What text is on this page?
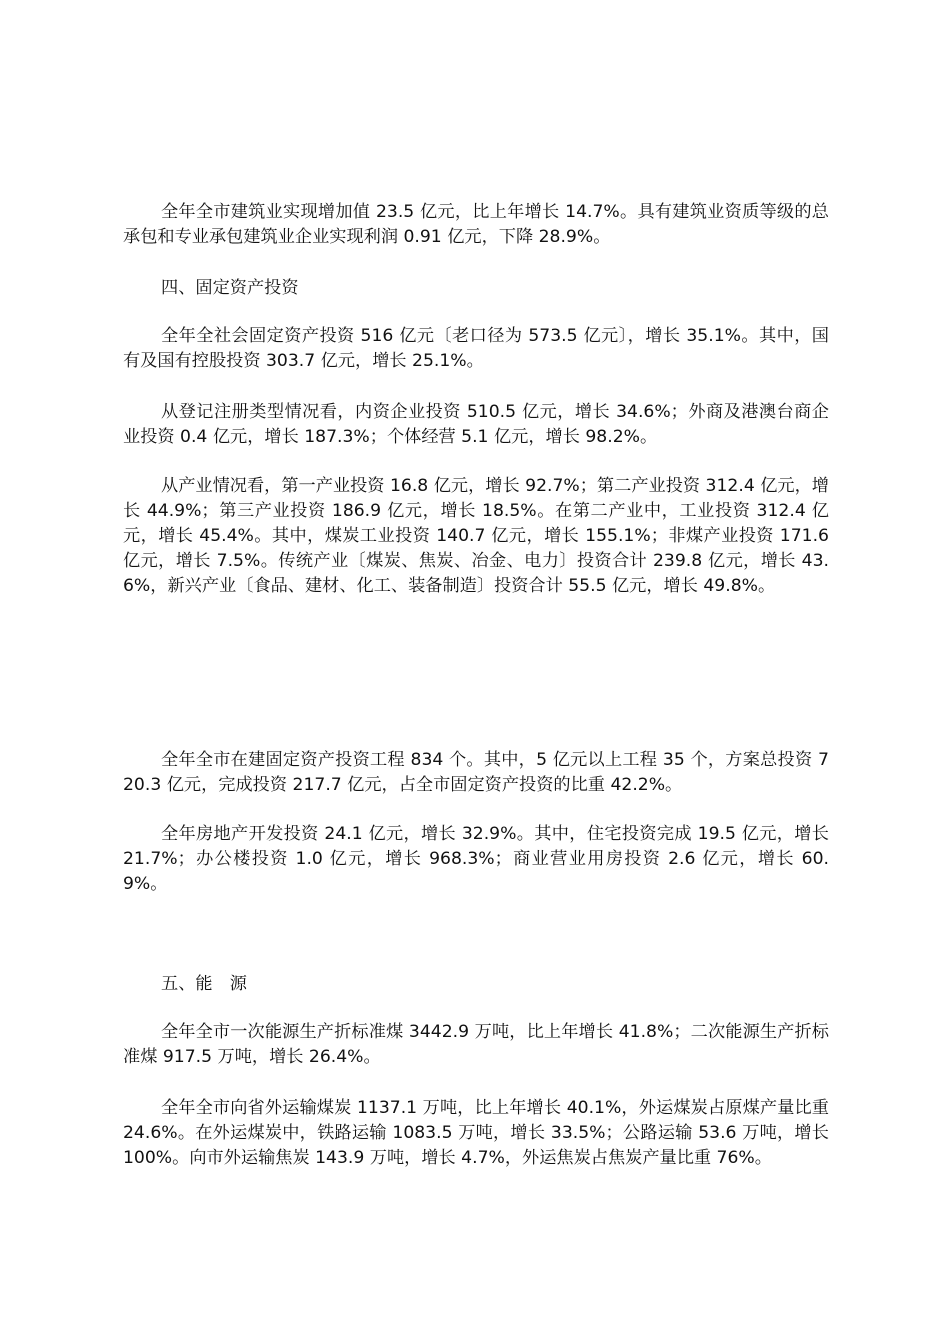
全年全市建筑业实现增加值 23.5 亿元，比上年增长 14.7%。具有建筑业资质等级的总承包和专业承包建筑业企业实现利润 0.91 亿元，下降 28.9%。

四、固定资产投资

全年全社会固定资产投资 516 亿元〔老口径为 573.5 亿元〕，增长 35.1%。其中，国有及国有控股投资 303.7 亿元，增长 25.1%。

从登记注册类型情况看，内资企业投资 510.5 亿元，增长 34.6%；外商及港澳台商企业投资 0.4 亿元，增长 187.3%；个体经营 5.1 亿元，增长 98.2%。

从产业情况看，第一产业投资 16.8 亿元，增长 92.7%；第二产业投资 312.4 亿元，增长 44.9%；第三产业投资 186.9 亿元，增长 18.5%。在第二产业中，工业投资 312.4 亿元，增长 45.4%。其中，煤炭工业投资 140.7 亿元，增长 155.1%；非煤产业投资 171.6 亿元，增长 7.5%。传统产业〔煤炭、焦炭、冶金、电力〕投资合计 239.8 亿元，增长 43.6%，新兴产业〔食品、建材、化工、装备制造〕投资合计 55.5 亿元，增长 49.8%。

全年全市在建固定资产投资工程 834 个。其中，5 亿元以上工程 35 个，方案总投资 720.3 亿元，完成投资 217.7 亿元，占全市固定资产投资的比重 42.2%。

全年房地产开发投资 24.1 亿元，增长 32.9%。其中，住宅投资完成 19.5 亿元，增长 21.7%；办公楼投资 1.0 亿元，增长 968.3%；商业营业用房投资 2.6 亿元，增长 60.9%。

五、能　源

全年全市一次能源生产折标准煤 3442.9 万吨，比上年增长 41.8%；二次能源生产折标准煤 917.5 万吨，增长 26.4%。

全年全市向省外运输煤炭 1137.1 万吨，比上年增长 40.1%，外运煤炭占原煤产量比重 24.6%。在外运煤炭中，铁路运输 1083.5 万吨，增长 33.5%；公路运输 53.6 万吨，增长 100%。向市外运输焦炭 143.9 万吨，增长 4.7%，外运焦炭占焦炭产量比重 76%。
